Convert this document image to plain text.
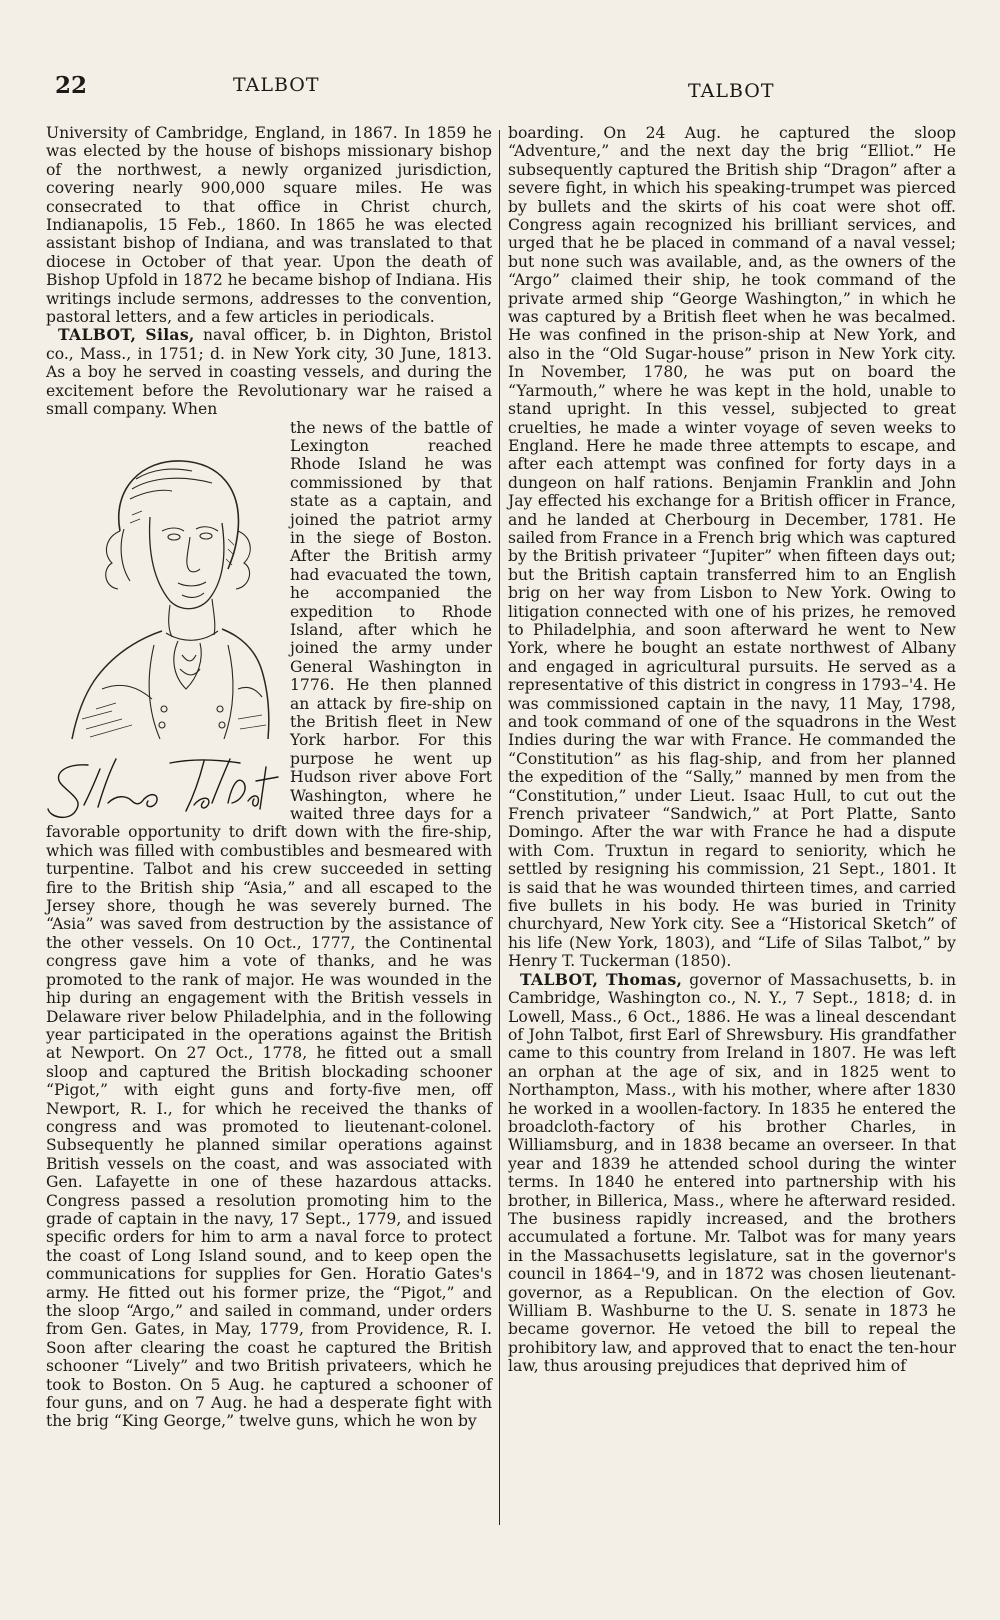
22	TALBOT	TALBOT

University of Cambridge, England, in 1867. In 1859 he was elected by the house of bishops missionary bishop of the northwest, a newly organized jurisdiction, covering nearly 900,000 square miles. He was consecrated to that office in Christ church, Indianapolis, 15 Feb., 1860. In 1865 he was elected assistant bishop of Indiana, and was translated to that diocese in October of that year. Upon the death of Bishop Upfold in 1872 he became bishop of Indiana. His writings include sermons, addresses to the convention, pastoral letters, and a few articles in periodicals.

TALBOT, Silas, naval officer, b. in Dighton, Bristol co., Mass., in 1751; d. in New York city, 30 June, 1813. As a boy he served in coasting vessels, and during the excitement before the Revolutionary war he raised a small company. When

the news of the battle of Lexington reached Rhode Island he was commissioned by that state as a captain, and joined the patriot army in the siege of Boston. After the British army had evacuated the town, he accompanied the expedition to Rhode Island, after which he joined the army under General Washington in 1776. He then planned an attack by fire-ship on the British fleet in New York harbor. For this purpose he went up Hudson river above Fort Washington, where he waited three days for a favorable opportunity to drift down with the fire-ship, which was filled with combustibles and besmeared with turpentine. Talbot and his crew succeeded in setting fire to the British ship “Asia,” and all escaped to the Jersey shore, though he was severely burned. The “Asia” was saved from destruction by the assistance of the other vessels. On 10 Oct., 1777, the Continental congress gave him a vote of thanks, and he was promoted to the rank of major. He was wounded in the hip during an engagement with the British vessels in Delaware river below Philadelphia, and in the following year participated in the operations against the British at Newport. On 27 Oct., 1778, he fitted out a small sloop and captured the British blockading schooner “Pigot,” with eight guns and forty-five men, off Newport, R. I., for which he received the thanks of congress and was promoted to lieutenant-colonel. Subsequently he planned similar operations against British vessels on the coast, and was associated with Gen. Lafayette in one of these hazardous attacks. Congress passed a resolution promoting him to the grade of captain in the navy, 17 Sept., 1779, and issued specific orders for him to arm a naval force to protect the coast of Long Island sound, and to keep open the communications for supplies for Gen. Horatio Gates's army. He fitted out his former prize, the “Pigot,” and the sloop “Argo,” and sailed in command, under orders from Gen. Gates, in May, 1779, from Providence, R. I. Soon after clearing the coast he captured the British schooner “Lively” and two British privateers, which he took to Boston. On 5 Aug. he captured a schooner of four guns, and on 7 Aug. he had a desperate fight with the brig “King George,” twelve guns, which he won by

boarding. On 24 Aug. he captured the sloop “Adventure,” and the next day the brig “Elliot.” He subsequently captured the British ship “Dragon” after a severe fight, in which his speaking-trumpet was pierced by bullets and the skirts of his coat were shot off. Congress again recognized his brilliant services, and urged that he be placed in command of a naval vessel; but none such was available, and, as the owners of the “Argo” claimed their ship, he took command of the private armed ship “George Washington,” in which he was captured by a British fleet when he was becalmed. He was confined in the prison-ship at New York, and also in the “Old Sugar-house” prison in New York city. In November, 1780, he was put on board the “Yarmouth,” where he was kept in the hold, unable to stand upright. In this vessel, subjected to great cruelties, he made a winter voyage of seven weeks to England. Here he made three attempts to escape, and after each attempt was confined for forty days in a dungeon on half rations. Benjamin Franklin and John Jay effected his exchange for a British officer in France, and he landed at Cherbourg in December, 1781. He sailed from France in a French brig which was captured by the British privateer “Jupiter” when fifteen days out; but the British captain transferred him to an English brig on her way from Lisbon to New York. Owing to litigation connected with one of his prizes, he removed to Philadelphia, and soon afterward he went to New York, where he bought an estate northwest of Albany and engaged in agricultural pursuits. He served as a representative of this district in congress in 1793–'4. He was commissioned captain in the navy, 11 May, 1798, and took command of one of the squadrons in the West Indies during the war with France. He commanded the “Constitution” as his flag-ship, and from her planned the expedition of the “Sally,” manned by men from the “Constitution,” under Lieut. Isaac Hull, to cut out the French privateer “Sandwich,” at Port Platte, Santo Domingo. After the war with France he had a dispute with Com. Truxtun in regard to seniority, which he settled by resigning his commission, 21 Sept., 1801. It is said that he was wounded thirteen times, and carried five bullets in his body. He was buried in Trinity churchyard, New York city. See a “Historical Sketch” of his life (New York, 1803), and “Life of Silas Talbot,” by Henry T. Tuckerman (1850).

TALBOT, Thomas, governor of Massachusetts, b. in Cambridge, Washington co., N. Y., 7 Sept., 1818; d. in Lowell, Mass., 6 Oct., 1886. He was a lineal descendant of John Talbot, first Earl of Shrewsbury. His grandfather came to this country from Ireland in 1807. He was left an orphan at the age of six, and in 1825 went to Northampton, Mass., with his mother, where after 1830 he worked in a woollen-factory. In 1835 he entered the broadcloth-factory of his brother Charles, in Williamsburg, and in 1838 became an overseer. In that year and 1839 he attended school during the winter terms. In 1840 he entered into partnership with his brother, in Billerica, Mass., where he afterward resided. The business rapidly increased, and the brothers accumulated a fortune. Mr. Talbot was for many years in the Massachusetts legislature, sat in the governor's council in 1864–'9, and in 1872 was chosen lieutenant-governor, as a Republican. On the election of Gov. William B. Washburne to the U. S. senate in 1873 he became governor. He vetoed the bill to repeal the prohibitory law, and approved that to enact the ten-hour law, thus arousing prejudices that deprived him of
